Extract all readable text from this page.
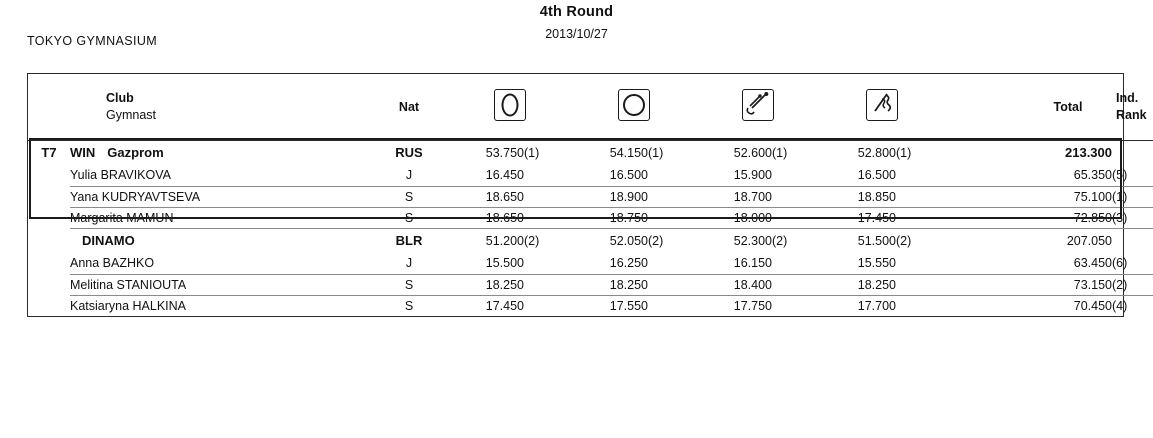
4th Round
2013/10/27
TOKYO GYMNASIUM

Club
Gymnast
	Nat						Total	
Ind.
Rank

T7	WIN Gazprom	RUS	53.750	(1)	54.150	(1)	52.600	(1)	52.800	(1)		213.300	
	Yulia BRAVIKOVA	J	16.450		16.500		15.900		16.500			65.350	(5)
	Yana KUDRYAVTSEVA	S	18.650		18.900		18.700		18.850			75.100	(1)
	Margarita MAMUN	S	18.650		18.750		18.000		17.450			72.850	(3)
	DINAMO	BLR	51.200	(2)	52.050	(2)	52.300	(2)	51.500	(2)		207.050	
	Anna BAZHKO	J	15.500		16.250		16.150		15.550			63.450	(6)
	Melitina STANIOUTA	S	18.250		18.250		18.400		18.250			73.150	(2)
	Katsiaryna HALKINA	S	17.450		17.550		17.750		17.700			70.450	(4)
